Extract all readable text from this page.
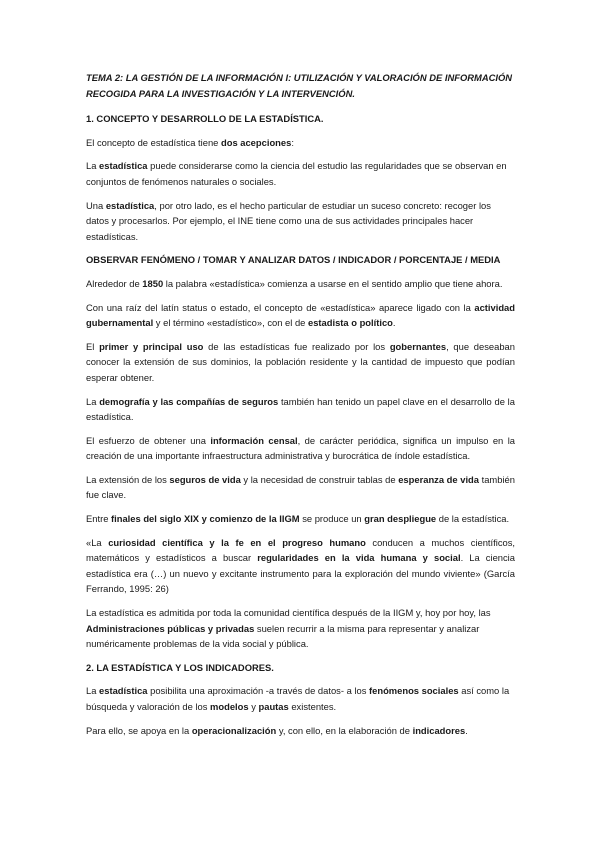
TEMA 2: LA GESTIÓN DE LA INFORMACIÓN I: UTILIZACIÓN Y VALORACIÓN DE INFORMACIÓN RECOGIDA PARA LA INVESTIGACIÓN Y LA INTERVENCIÓN.

1. CONCEPTO Y DESARROLLO DE LA ESTADÍSTICA.

El concepto de estadística tiene dos acepciones:

La estadística puede considerarse como la ciencia del estudio las regularidades que se observan en conjuntos de fenómenos naturales o sociales.

Una estadística, por otro lado, es el hecho particular de estudiar un suceso concreto: recoger los datos y procesarlos. Por ejemplo, el INE tiene como una de sus actividades principales hacer estadísticas.

OBSERVAR FENÓMENO / TOMAR Y ANALIZAR DATOS / INDICADOR / PORCENTAJE / MEDIA

Alrededor de 1850 la palabra «estadística» comienza a usarse en el sentido amplio que tiene ahora.

Con una raíz del latín status o estado, el concepto de «estadística» aparece ligado con la actividad gubernamental y el término «estadístico», con el de estadista o político.

El primer y principal uso de las estadísticas fue realizado por los gobernantes, que deseaban conocer la extensión de sus dominios, la población residente y la cantidad de impuesto que podían esperar obtener.

La demografía y las compañías de seguros también han tenido un papel clave en el desarrollo de la estadística.

El esfuerzo de obtener una información censal, de carácter periódica, significa un impulso en la creación de una importante infraestructura administrativa y burocrática de índole estadística.

La extensión de los seguros de vida y la necesidad de construir tablas de esperanza de vida también fue clave.

Entre finales del siglo XIX y comienzo de la IIGM se produce un gran despliegue de la estadística.

«La curiosidad científica y la fe en el progreso humano conducen a muchos científicos, matemáticos y estadísticos a buscar regularidades en la vida humana y social. La ciencia estadística era (…) un nuevo y excitante instrumento para la exploración del mundo viviente» (García Ferrando, 1995: 26)

La estadística es admitida por toda la comunidad científica después de la IIGM y, hoy por hoy, las Administraciones públicas y privadas suelen recurrir a la misma para representar y analizar numéricamente problemas de la vida social y pública.

2. LA ESTADÍSTICA Y LOS INDICADORES.

La estadística posibilita una aproximación -a través de datos- a los fenómenos sociales así como la búsqueda y valoración de los modelos y pautas existentes.

Para ello, se apoya en la operacionalización y, con ello, en la elaboración de indicadores.
